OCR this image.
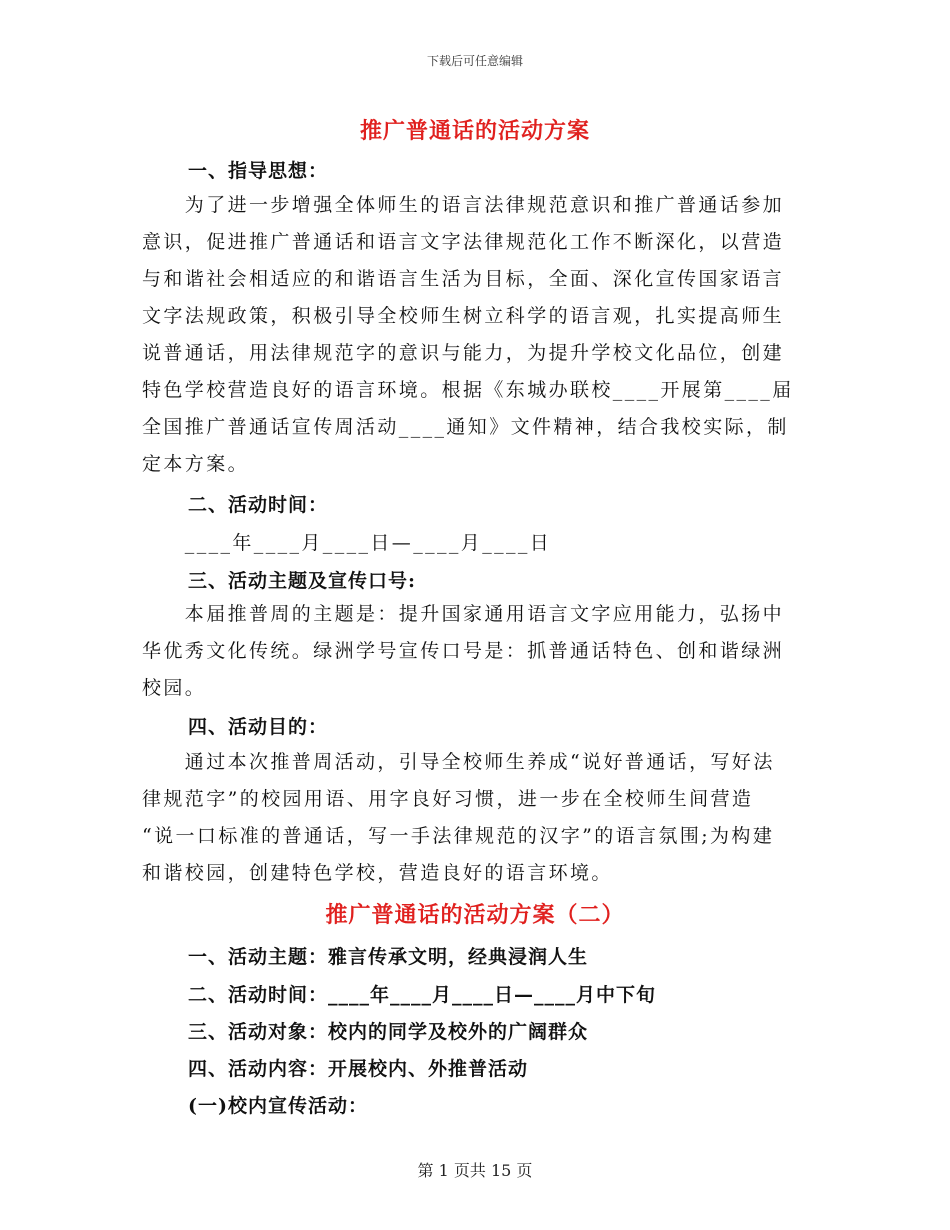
下载后可任意编辑
推广普通话的活动方案
一、指导思想：
　　为了进一步增强全体师生的语言法律规范意识和推广普通话参加
意识，促进推广普通话和语言文字法律规范化工作不断深化，以营造
与和谐社会相适应的和谐语言生活为目标，全面、深化宣传国家语言
文字法规政策，积极引导全校师生树立科学的语言观，扎实提高师生
说普通话，用法律规范字的意识与能力，为提升学校文化品位，创建
特色学校营造良好的语言环境。根据《东城办联校____开展第____届
全国推广普通话宣传周活动____通知》文件精神，结合我校实际，制
定本方案。
二、活动时间：
　　____年____月____日—____月____日
三、活动主题及宣传口号:
　　本届推普周的主题是：提升国家通用语言文字应用能力，弘扬中
华优秀文化传统。绿洲学号宣传口号是：抓普通话特色、创和谐绿洲
校园。
四、活动目的：
　　通过本次推普周活动，引导全校师生养成“说好普通话，写好法
律规范字”的校园用语、用字良好习惯，进一步在全校师生间营造
“说一口标准的普通话，写一手法律规范的汉字”的语言氛围;为构建
和谐校园，创建特色学校，营造良好的语言环境。
推广普通话的活动方案（二）
一、活动主题：雅言传承文明，经典浸润人生
二、活动时间：____年____月____日—____月中下旬
三、活动对象：校内的同学及校外的广阔群众
四、活动内容：开展校内、外推普活动
(一)校内宣传活动：
第 1 页共 15 页
